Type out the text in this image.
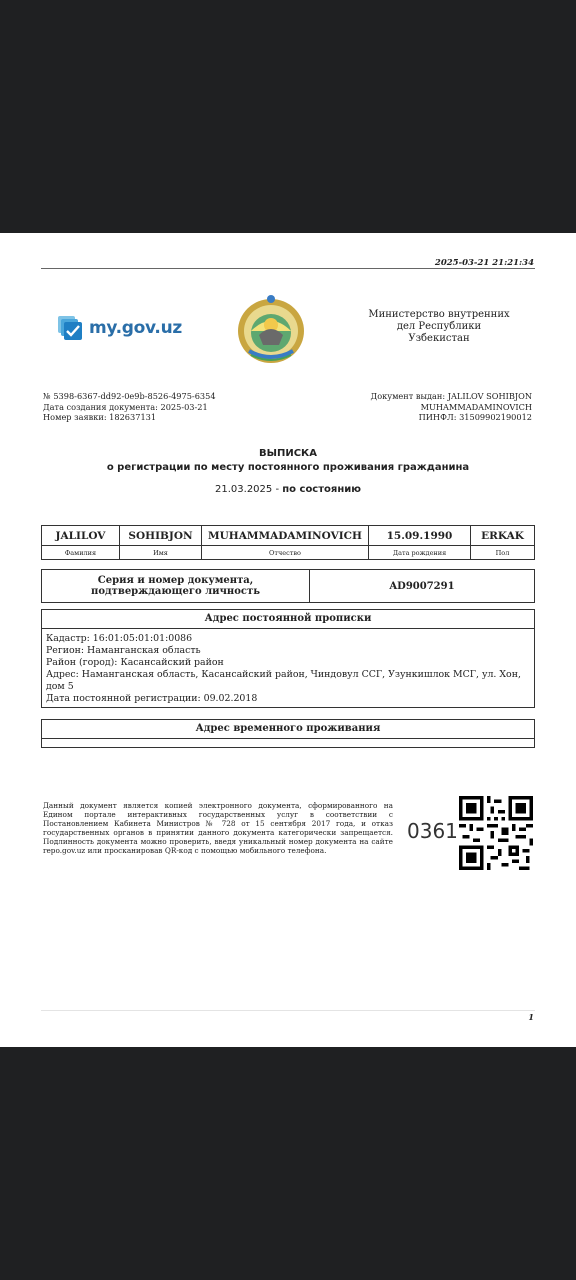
2025-03-21 21:21:34
my.gov.uz
Министерство внутренних
дел Республики
Узбекистан
№ 5398-6367-dd92-0e9b-8526-4975-6354
Дата создания документа: 2025-03-21
Номер заявки: 182637131
Документ выдан: JALILOV SOHIBJON
MUHAMMADAMINOVICH
ПИНФЛ: 31509902190012
ВЫПИСКА
о регистрации по месту постоянного проживания гражданина
21.03.2025 - по состоянию
JALILOV	SOHIBJON	MUHAMMADAMINOVICH	15.09.1990	ERKAK
Фамилия	Имя	Отчество	Дата рождения	Пол
Серия и номер документа, подтверждающего личность	AD9007291
Адрес постоянной прописки
Кадастр: 16:01:05:01:01:0086
Регион: Наманганская область
Район (город): Касансайский район
Адрес: Наманганская область, Касансайский район, Чиндовул ССГ, Узункишлок МСГ, ул. Хон, дом 5
Дата постоянной регистрации: 09.02.2018
Адрес временного проживания
Данный документ является копией электронного документа, сформированного на Едином портале интерактивных государственных услуг в соответствии с Постановлением Кабинета Министров № 728 от 15 сентября 2017 года, и отказ государственных органов в принятии данного документа категорически запрещается. Подлинность документа можно проверить, введя уникальный номер документа на сайте repo.gov.uz или просканировав QR-код с помощью мобильного телефона.
0361
1
